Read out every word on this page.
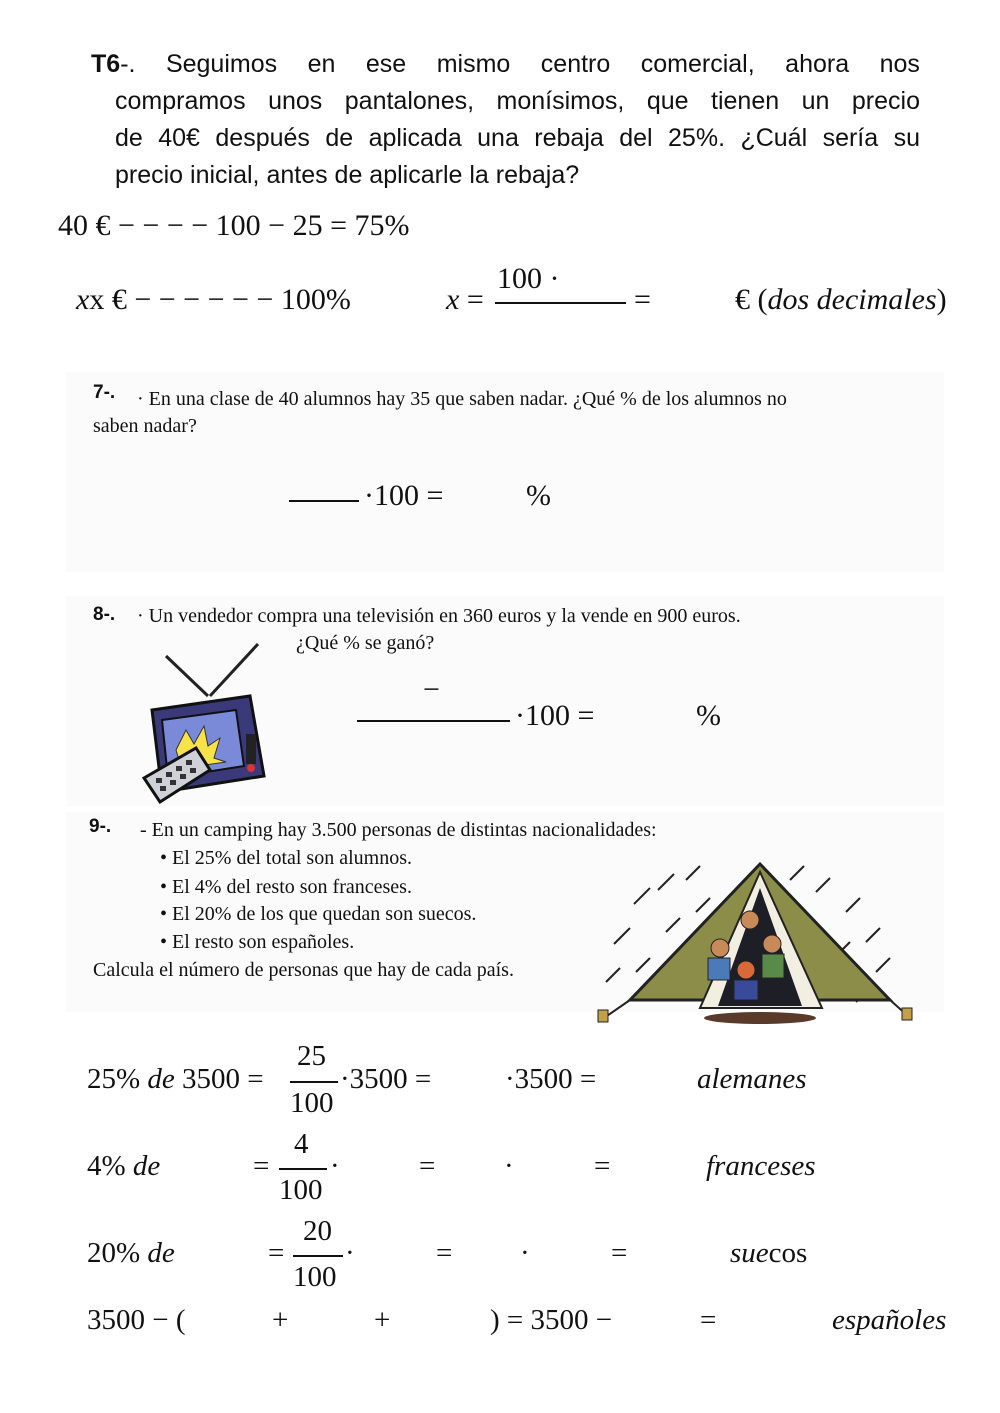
T6-. Seguimos en ese mismo centro comercial, ahora nos
compramos unos pantalones, monísimos, que tienen un precio
de 40€ después de aplicada una rebaja del 25%. ¿Cuál sería su
precio inicial, antes de aplicarle la rebaja?
40 € − − − − 100 − 25 = 75%
xx € − − − − − − 100%	x =
100 ·
=	€ (dos decimales)
7-. · En una clase de 40 alumnos hay 35 que saben nadar. ¿Qué % de los alumnos no
saben nadar?
·100 =	%
8-. · Un vendedor compra una televisión en 360 euros y la vende en 900 euros.
¿Qué % se ganó?
−
·100 =	%
9-. - En un camping hay 3.500 personas de distintas nacionalidades:
• El 25% del total son alumnos.
• El 4% del resto son franceses.
• El 20% de los que quedan son suecos.
• El resto son españoles.
Calcula el número de personas que hay de cada país.
25% de 3500 =
25
100
·3500 =	·3500 =	alemanes
4% de	=
4
100
·	= ·	=	franceses
20% de	=
20
100
·	= ·	=	suecos
3500 − (	+	+	) = 3500 −	=	españoles
